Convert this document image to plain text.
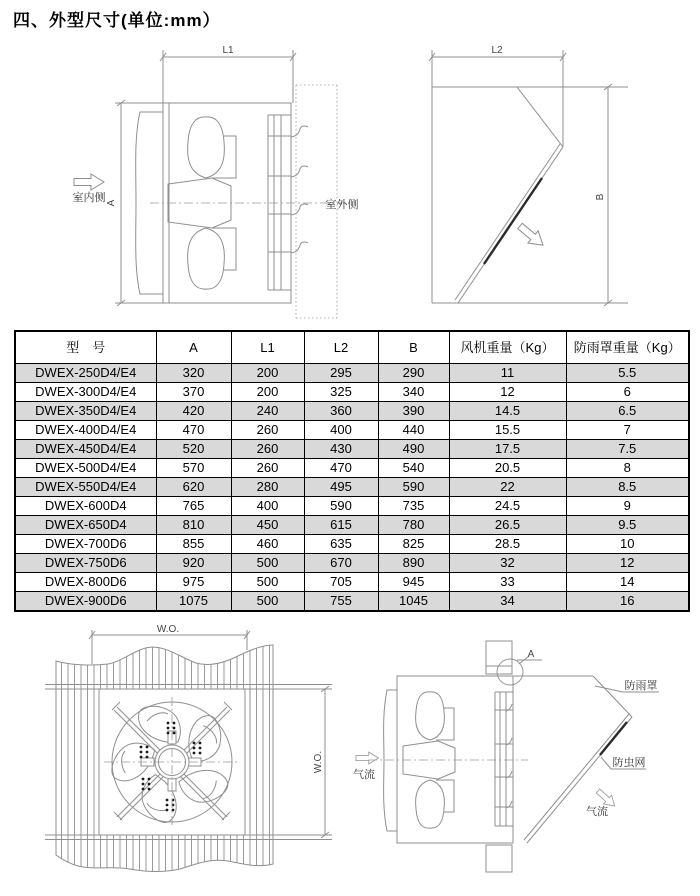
四、外型尺寸(单位:mm）
L1
A
室内侧
室外侧
L2
B
型　号	A	L1	L2	B	风机重量（Kg）	防雨罩重量（Kg）
DWEX-250D4/E4	320	200	295	290	11	5.5
DWEX-300D4/E4	370	200	325	340	12	6
DWEX-350D4/E4	420	240	360	390	14.5	6.5
DWEX-400D4/E4	470	260	400	440	15.5	7
DWEX-450D4/E4	520	260	430	490	17.5	7.5
DWEX-500D4/E4	570	260	470	540	20.5	8
DWEX-550D4/E4	620	280	495	590	22	8.5
DWEX-600D4	765	400	590	735	24.5	9
DWEX-650D4	810	450	615	780	26.5	9.5
DWEX-700D6	855	460	635	825	28.5	10
DWEX-750D6	920	500	670	890	32	12
DWEX-800D6	975	500	705	945	33	14
DWEX-900D6	1075	500	755	1045	34	16
W.O.
W.O.
气流
A
防雨罩
防虫网
气流
